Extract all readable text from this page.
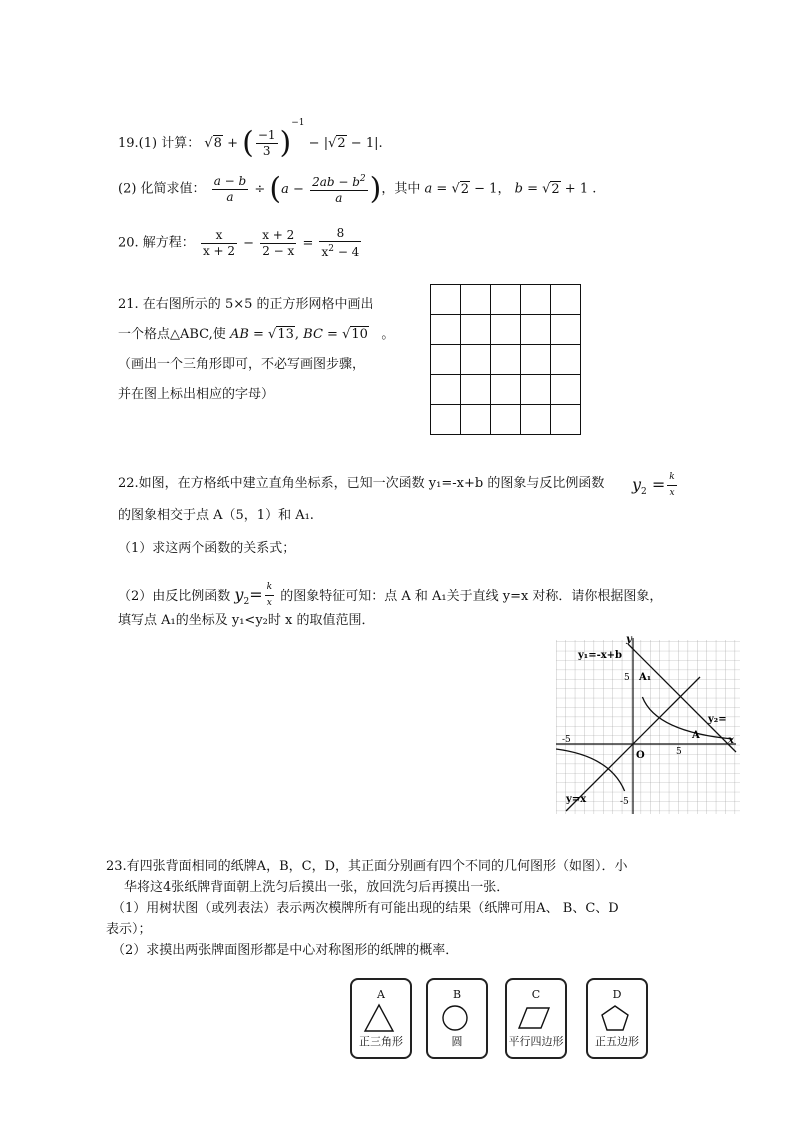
19.(1) 计算： √8 + ( $\frac{-1}{3} )^{-1} - |√2 - 1|$.
(2) 化简求值： $\frac{a - b}{a} \div (a - \frac{2ab - b^2}{a}$ )，其中 a = √2 − 1， b = √2 + 1 .
20. 解方程： $\frac{x}{x + 2} - \frac{x + 2}{2 - x} = \frac{8}{x^2 - 4}$
21. 在右图所示的 5×5 的正方形网格中画出
一个格点△ABC,使 AB = √13, BC = √10 。
（画出一个三角形即可，不必写画图步骤，
并在图上标出相应的字母）

22.如图，在方格纸中建立直角坐标系，已知一次函数 y₁=-x+b 的图象与反比例函数 $y_2 = \frac{k}{x}$
的图象相交于点 A（5，1）和 A₁.
（1）求这两个函数的关系式；
（2）由反比例函数 $y_2= \frac{k}{x}$ 的图象特征可知：点 A 和 A₁关于直线 y=x 对称．请你根据图象，
填写点 A₁的坐标及 y₁<y₂时 x 的取值范围．
y₁=-x+b
y₂=
y=x
A
A₁
O
x
y
5
5
-5
-5
23.有四张背面相同的纸牌A，B，C，D，其正面分别画有四个不同的几何图形（如图）．小
华将这4张纸牌背面朝上洗匀后摸出一张，放回洗匀后再摸出一张．
（1）用树状图（或列表法）表示两次模牌所有可能出现的结果（纸牌可用A、 B、C、D
表示）；
（2）求摸出两张牌面图形都是中心对称图形的纸牌的概率．
A
正三角形
B
圆
C
平行四边形
D
正五边形
